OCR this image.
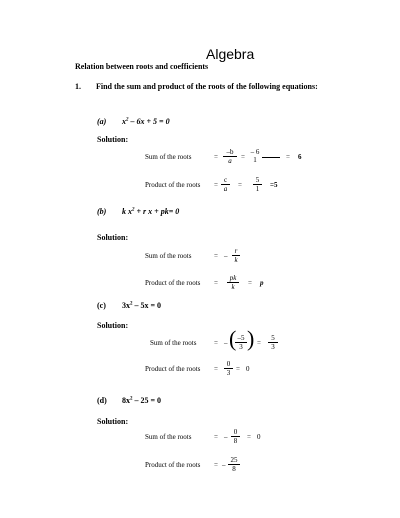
Algebra
Relation between roots and coefficients
1. Find the sum and product of the roots of the following equations:
(a) $x^2 - 6x + 5 = 0$
Solution:
Sum of the roots	=
–b
a	=
– 6
1	= 6
Product of the roots =
c
a	=
5
1	=5
(b) k $x^2 + r$ x + pk= 0
Solution:
Sum of the roots	= –
r
k
Product of the roots =
pk
k	= p
(c) $3x^2 - 5x = 0$
Solution:
Sum of the roots	= – ( –5
3 ) =
5
3
Product of the roots =
0
3 = 0
(d) $8x^2 - 25 = 0$
Solution:
Sum of the roots	= –
0
8	= 0
Product of the roots = –
25
8
